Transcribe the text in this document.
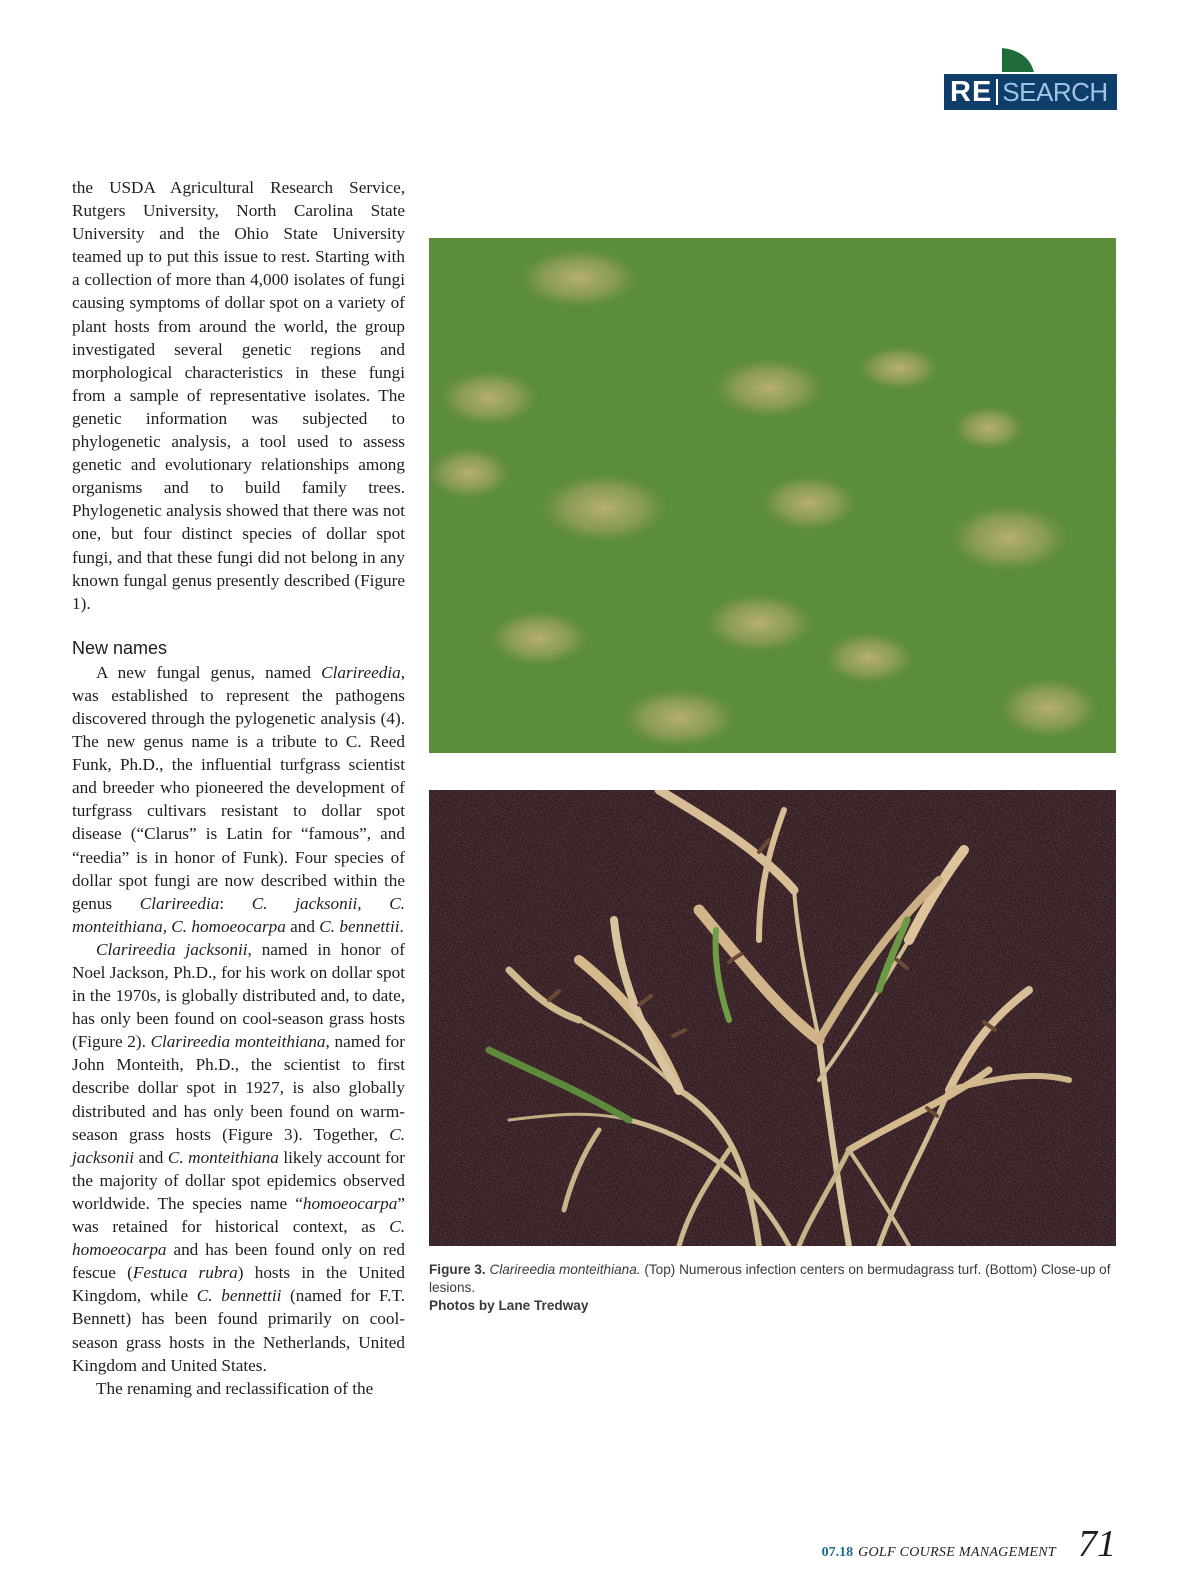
RE SEARCH

the USDA Agricultural Research Service, Rutgers University, North Carolina State University and the Ohio State University teamed up to put this issue to rest. Starting with a collection of more than 4,000 isolates of fungi causing symptoms of dollar spot on a variety of plant hosts from around the world, the group investigated several genetic regions and morphological characteristics in these fungi from a sample of representative isolates. The genetic information was subjected to phylogenetic analysis, a tool used to assess genetic and evolutionary relationships among organisms and to build family trees. Phylogenetic analysis showed that there was not one, but four distinct species of dollar spot fungi, and that these fungi did not belong in any known fungal genus presently described (Figure 1).

New names

A new fungal genus, named Clarireedia, was established to represent the pathogens discovered through the pylogenetic analysis (4). The new genus name is a tribute to C. Reed Funk, Ph.D., the influential turfgrass scientist and breeder who pioneered the development of turfgrass cultivars resistant to dollar spot disease (“Clarus” is Latin for “famous”, and “reedia” is in honor of Funk). Four species of dollar spot fungi are now described within the genus Clarireedia: C. jacksonii, C. monteithiana, C. homoeocarpa and C. bennettii.

Clarireedia jacksonii, named in honor of Noel Jackson, Ph.D., for his work on dollar spot in the 1970s, is globally distributed and, to date, has only been found on cool-season grass hosts (Figure 2). Clarireedia monteithiana, named for John Monteith, Ph.D., the scientist to first describe dollar spot in 1927, is also globally distributed and has only been found on warm-season grass hosts (Figure 3). Together, C. jacksonii and C. monteithiana likely account for the majority of dollar spot epidemics observed worldwide. The species name “homoeocarpa” was retained for historical context, as C. homoeocarpa and has been found only on red fescue (Festuca rubra) hosts in the United Kingdom, while C. bennettii (named for F.T. Bennett) has been found primarily on cool-season grass hosts in the Netherlands, United Kingdom and United States.

The renaming and reclassification of the

Figure 3. Clarireedia monteithiana. (Top) Numerous infection centers on bermudagrass turf. (Bottom) Close-up of lesions.
Photos by Lane Tredway
07.18 GOLF COURSE MANAGEMENT 71
